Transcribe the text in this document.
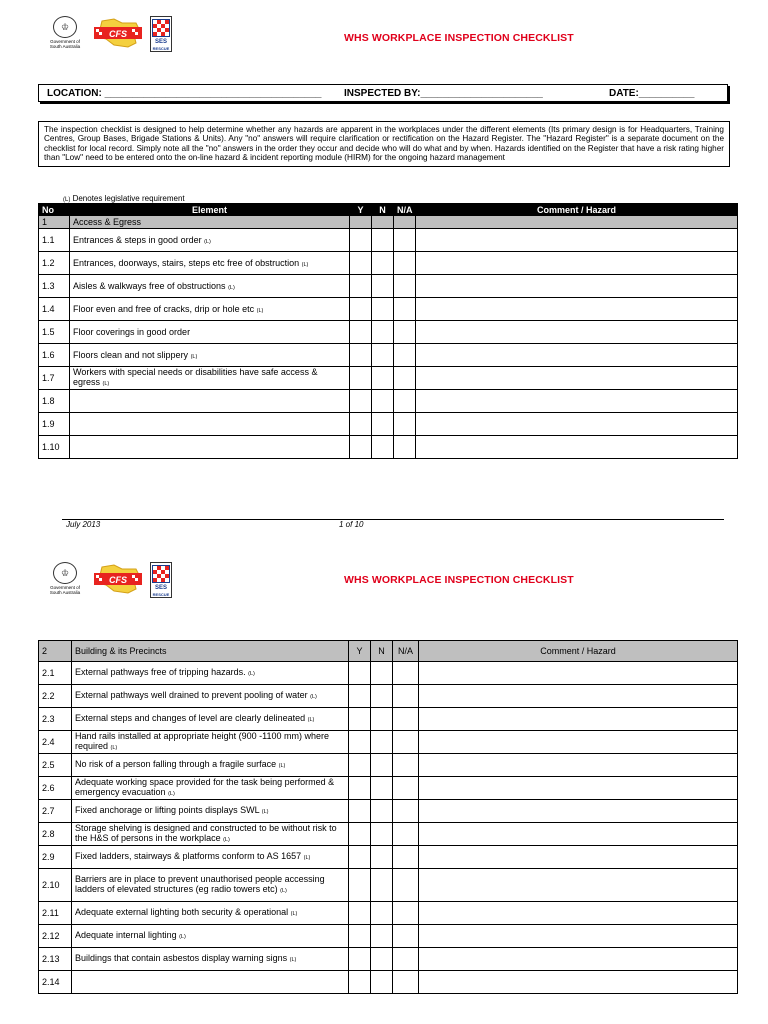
♔
Government of South Australia
CFS
SES
RESCUE
WHS WORKPLACE INSPECTION CHECKLIST
LOCATION: _______________________________________ INSPECTED BY:______________________	DATE:__________
The inspection checklist is designed to help determine whether any hazards are apparent in the workplaces under the different elements (Its primary design is for Headquarters, Training Centres, Group Bases, Brigade Stations & Units). Any "no" answers will require clarification or rectification on the Hazard Register. The "Hazard Register" is a separate document on the checklist for local record. Simply note all the "no" answers in the order they occur and decide who will do what and by when. Hazards identified on the Register that have a risk rating higher than "Low" need to be entered onto the on-line hazard & incident reporting module (HIRM) for the ongoing hazard management
(L) Denotes legislative requirement
No	Element	Y	N	N/A	Comment / Hazard
1	Access & Egress				
1.1	Entrances & steps in good order (L)				
1.2	Entrances, doorways, stairs, steps etc free of obstruction (L)				
1.3	Aisles & walkways free of obstructions (L)				
1.4	Floor even and free of cracks, drip or hole etc (L)				
1.5	Floor coverings in good order				
1.6	Floors clean and not slippery (L)				
1.7	Workers with special needs or disabilities have safe access & egress (L)				
1.8					
1.9					
1.10					
July 2013	1 of 10
♔
Government of South Australia
CFS
SES
RESCUE
WHS WORKPLACE INSPECTION CHECKLIST
2	Building & its Precincts	Y	N	N/A	Comment / Hazard
2.1	External pathways free of tripping hazards. (L)				
2.2	External pathways well drained to prevent pooling of water (L)				
2.3	External steps and changes of level are clearly delineated (L)				
2.4	Hand rails installed at appropriate height (900 -1100 mm) where required (L)				
2.5	No risk of a person falling through a fragile surface (L)				
2.6	Adequate working space provided for the task being performed & emergency evacuation (L)				
2.7	Fixed anchorage or lifting points displays SWL (L)				
2.8	Storage shelving is designed and constructed to be without risk to the H&S of persons in the workplace (L)				
2.9	Fixed ladders, stairways & platforms conform to AS 1657 (L)				
2.10	Barriers are in place to prevent unauthorised people accessing ladders of elevated structures (eg radio towers etc) (L)				
2.11	Adequate external lighting both security & operational (L)				
2.12	Adequate internal lighting (L)				
2.13	Buildings that contain asbestos display warning signs (L)				
2.14					
